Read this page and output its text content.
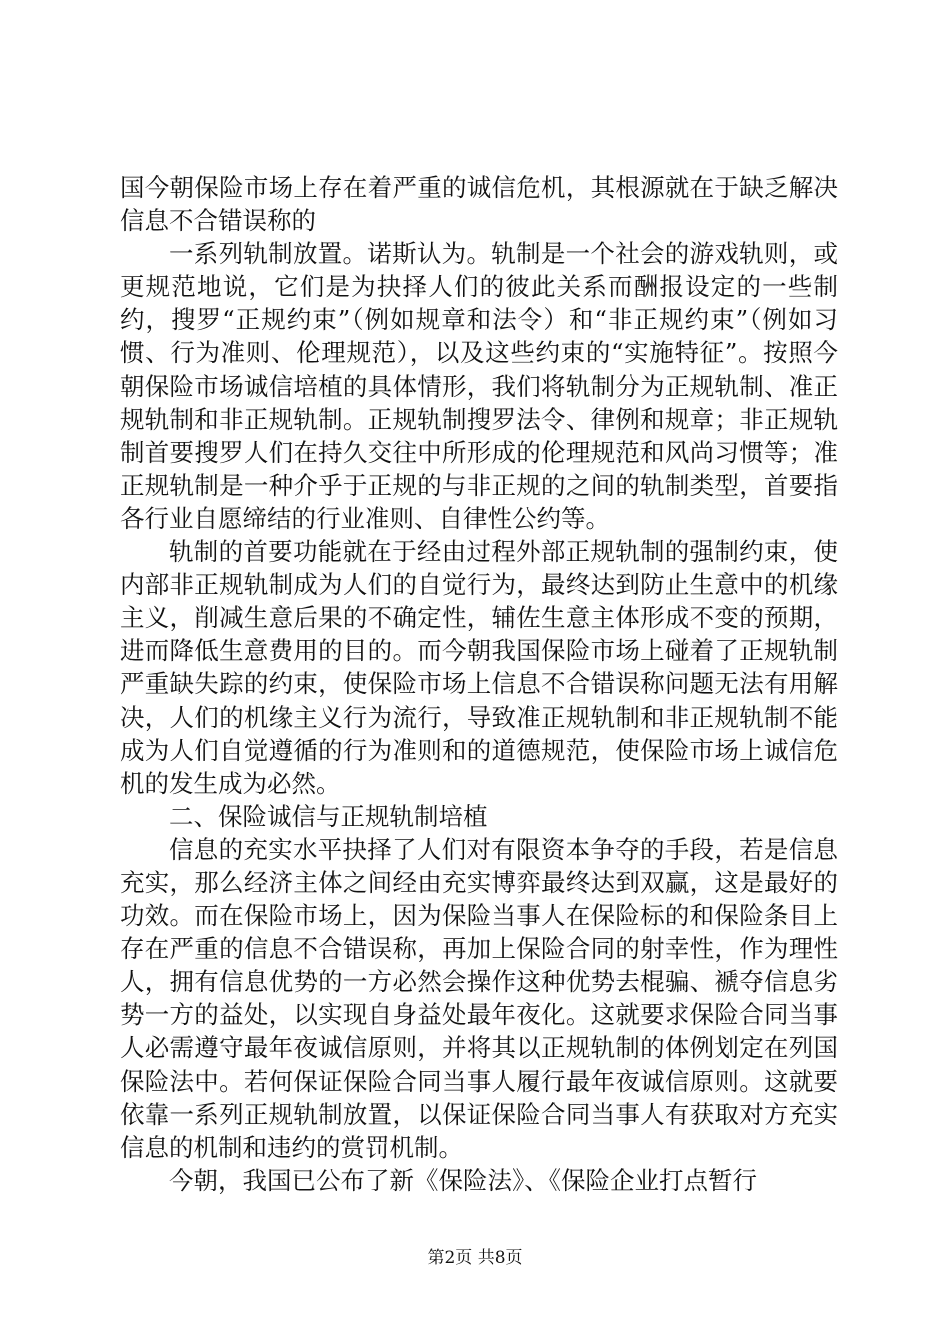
国今朝保险市场上存在着严重的诚信危机，其根源就在于缺乏解决信息不合错误称的

一系列轨制放置。诺斯认为。轨制是一个社会的游戏轨则，或更规范地说，它们是为抉择人们的彼此关系而酬报设定的一些制约，搜罗“正规约束”（例如规章和法令）和“非正规约束”（例如习惯、行为准则、伦理规范），以及这些约束的“实施特征”。按照今朝保险市场诚信培植的具体情形，我们将轨制分为正规轨制、准正规轨制和非正规轨制。正规轨制搜罗法令、律例和规章；非正规轨制首要搜罗人们在持久交往中所形成的伦理规范和风尚习惯等；准正规轨制是一种介乎于正规的与非正规的之间的轨制类型，首要指各行业自愿缔结的行业准则、自律性公约等。

轨制的首要功能就在于经由过程外部正规轨制的强制约束，使内部非正规轨制成为人们的自觉行为，最终达到防止生意中的机缘主义，削减生意后果的不确定性，辅佐生意主体形成不变的预期，进而降低生意费用的目的。而今朝我国保险市场上碰着了正规轨制严重缺失踪的约束，使保险市场上信息不合错误称问题无法有用解决，人们的机缘主义行为流行，导致准正规轨制和非正规轨制不能成为人们自觉遵循的行为准则和的道德规范，使保险市场上诚信危机的发生成为必然。

二、保险诚信与正规轨制培植

信息的充实水平抉择了人们对有限资本争夺的手段，若是信息充实，那么经济主体之间经由充实博弈最终达到双赢，这是最好的功效。而在保险市场上，因为保险当事人在保险标的和保险条目上存在严重的信息不合错误称，再加上保险合同的射幸性，作为理性人，拥有信息优势的一方必然会操作这种优势去棍骗、褫夺信息劣势一方的益处，以实现自身益处最年夜化。这就要求保险合同当事人必需遵守最年夜诚信原则，并将其以正规轨制的体例划定在列国保险法中。若何保证保险合同当事人履行最年夜诚信原则。这就要依靠一系列正规轨制放置，以保证保险合同当事人有获取对方充实信息的机制和违约的赏罚机制。

今朝，我国已公布了新《保险法》、《保险企业打点暂行

第2页 共8页
